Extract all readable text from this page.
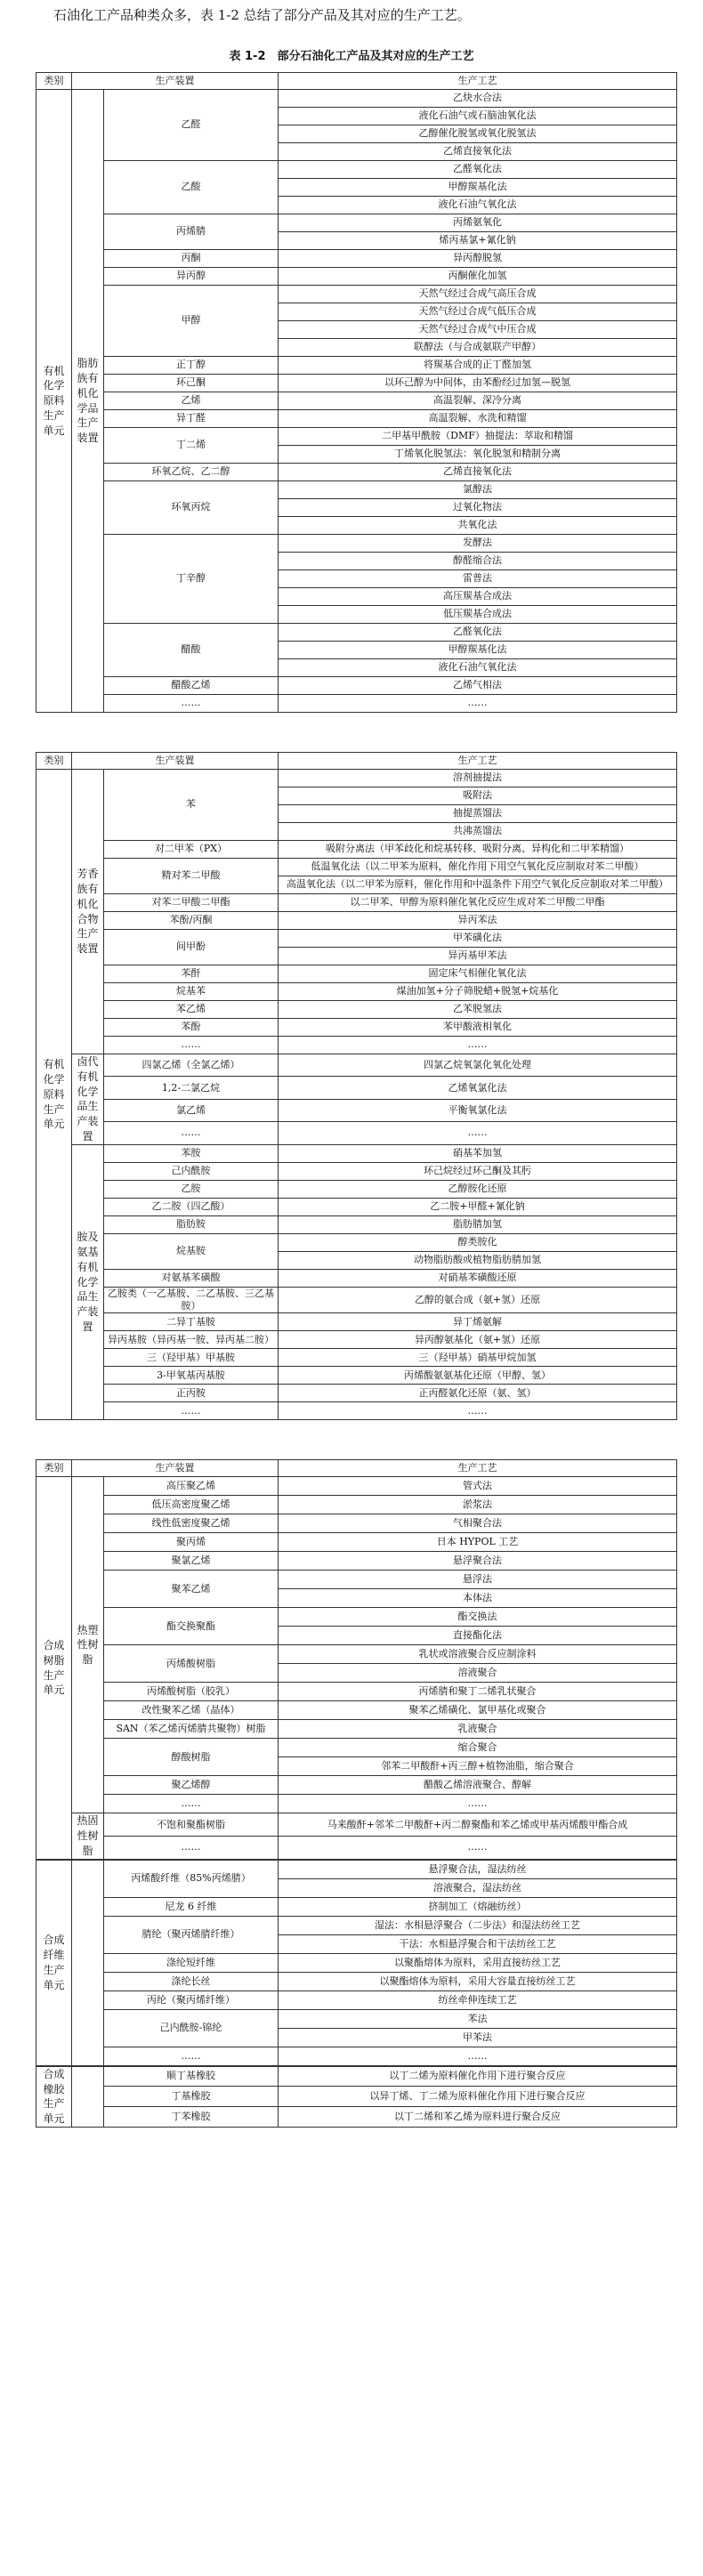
石油化工产品种类众多，表 1-2 总结了部分产品及其对应的生产工艺。
表 1-2　部分石油化工产品及其对应的生产工艺
类别	生产装置		生产工艺
有机化学原料生产单元	脂肪族有机化学品生产装置	乙醛	乙炔水合法
			液化石油气或石脑油氧化法
			乙醇催化脱氢或氧化脱氢法
			乙烯直接氧化法
		乙酸	乙醛氧化法
			甲醇羰基化法
			液化石油气氧化法
		丙烯腈	丙烯氨氧化
			烯丙基氯+氰化钠
		丙酮	异丙醇脱氢
		异丙醇	丙酮催化加氢
		甲醇	天然气经过合成气高压合成
			天然气经过合成气低压合成
			天然气经过合成气中压合成
			联醇法（与合成氨联产甲醇）
		正丁醇	将羰基合成的正丁醛加氢
		环己酮	以环己醇为中间体，由苯酚经过加氢—脱氢
		乙烯	高温裂解、深冷分离
		异丁醛	高温裂解、水洗和精馏
		丁二烯	二甲基甲酰胺（DMF）抽提法：萃取和精馏
			丁烯氧化脱氢法：氧化脱氢和精制分离
		环氧乙烷、乙二醇	乙烯直接氧化法
		环氧丙烷	氯醇法
			过氧化物法
			共氧化法
		丁辛醇	发酵法
			醇醛缩合法
			雷普法
			高压羰基合成法
			低压羰基合成法
		醋酸	乙醛氧化法
			甲醇羰基化法
			液化石油气氧化法
		醋酸乙烯	乙烯气相法
		……	……
类别	生产装置		生产工艺
有机化学原料生产单元	芳香族有机化合物生产装置	苯	溶剂抽提法
			吸附法
			抽提蒸馏法
			共沸蒸馏法
		对二甲苯（PX）	吸附分离法（甲苯歧化和烷基转移、吸附分离、异构化和二甲苯精馏）
		精对苯二甲酸	低温氧化法（以二甲苯为原料，催化作用下用空气氧化反应制取对苯二甲酸）
			高温氧化法（以二甲苯为原料，催化作用和中温条件下用空气氧化反应制取对苯二甲酸）
		对苯二甲酸二甲酯	以二甲苯、甲醇为原料催化氧化反应生成对苯二甲酸二甲酯
		苯酚/丙酮	异丙苯法
		间甲酚	甲苯磺化法
			异丙基甲苯法
		苯酐	固定床气相催化氧化法
		烷基苯	煤油加氢+分子筛脱蜡+脱氢+烷基化
		苯乙烯	乙苯脱氢法
		苯酚	苯甲酸液相氧化
		……	……
	卤代有机化学品生产装置	四氯乙烯（全氯乙烯）	四氯乙烷氧氯化氧化处理
		1,2-二氯乙烷	乙烯氧氯化法
		氯乙烯	平衡氧氯化法
		……	……
	胺及氨基有机化学品生产装置	苯胺	硝基苯加氢
		己内酰胺	环己烷经过环己酮及其肟
		乙胺	乙醇胺化还原
		乙二胺（四乙酸）	乙二胺+甲醛+氰化钠
		脂肪胺	脂肪腈加氢
		烷基胺	醇类胺化
			动物脂肪酸或植物脂肪腈加氢
		对氨基苯磺酸	对硝基苯磺酸还原
		乙胺类（一乙基胺、二乙基胺、三乙基胺）	乙醇的氨合成（氨+氢）还原
		二异丁基胺	异丁烯氨解
		异丙基胺（异丙基一胺、异丙基二胺）	异丙醇氨基化（氨+氢）还原
		三（羟甲基）甲基胺	三（羟甲基）硝基甲烷加氢
		3-甲氧基丙基胺	丙烯酸氨氨基化还原（甲醇、氢）
		正丙胺	正丙醛氨化还原（氨、氢）
		……	……
类别	生产装置		生产工艺
合成树脂生产单元	热塑性树脂	高压聚乙烯	管式法
		低压高密度聚乙烯	淤浆法
		线性低密度聚乙烯	气相聚合法
		聚丙烯	日本 HYPOL 工艺
		聚氯乙烯	悬浮聚合法
		聚苯乙烯	悬浮法
			本体法
		酯交换聚酯	酯交换法
			直接酯化法
		丙烯酸树脂	乳状或溶液聚合反应制涂料
			溶液聚合
		丙烯酸树脂（胶乳）	丙烯腈和聚丁二烯乳状聚合
		改性聚苯乙烯（晶体）	聚苯乙烯磺化、氯甲基化或聚合
		SAN（苯乙烯丙烯腈共聚物）树脂	乳液聚合
		醇酸树脂	缩合聚合
			邻苯二甲酸酐+丙三醇+植物油脂，缩合聚合
		聚乙烯醇	醋酸乙烯溶液聚合、醇解
		……	……
	热固性树脂	不饱和聚酯树脂	马来酸酐+邻苯二甲酸酐+丙二醇聚酯和苯乙烯或甲基丙烯酸甲酯合成
		……	……
合成纤维生产单元		丙烯酸纤维（85%丙烯腈）	悬浮聚合法，湿法纺丝
			溶液聚合，湿法纺丝
		尼龙 6 纤维	挤制加工（熔融纺丝）
		腈纶（聚丙烯腈纤维）	湿法：水相悬浮聚合（二步法）和湿法纺丝工艺
			干法：水相悬浮聚合和干法纺丝工艺
		涤纶短纤维	以聚酯熔体为原料，采用直接纺丝工艺
		涤纶长丝	以聚酯熔体为原料，采用大容量直接纺丝工艺
		丙纶（聚丙烯纤维）	纺丝牵伸连续工艺
		己内酰胺-锦纶	苯法
			甲苯法
		……	……
合成橡胶生产单元		顺丁基橡胶	以丁二烯为原料催化作用下进行聚合反应
		丁基橡胶	以异丁烯、丁二烯为原料催化作用下进行聚合反应
		丁苯橡胶	以丁二烯和苯乙烯为原料进行聚合反应
